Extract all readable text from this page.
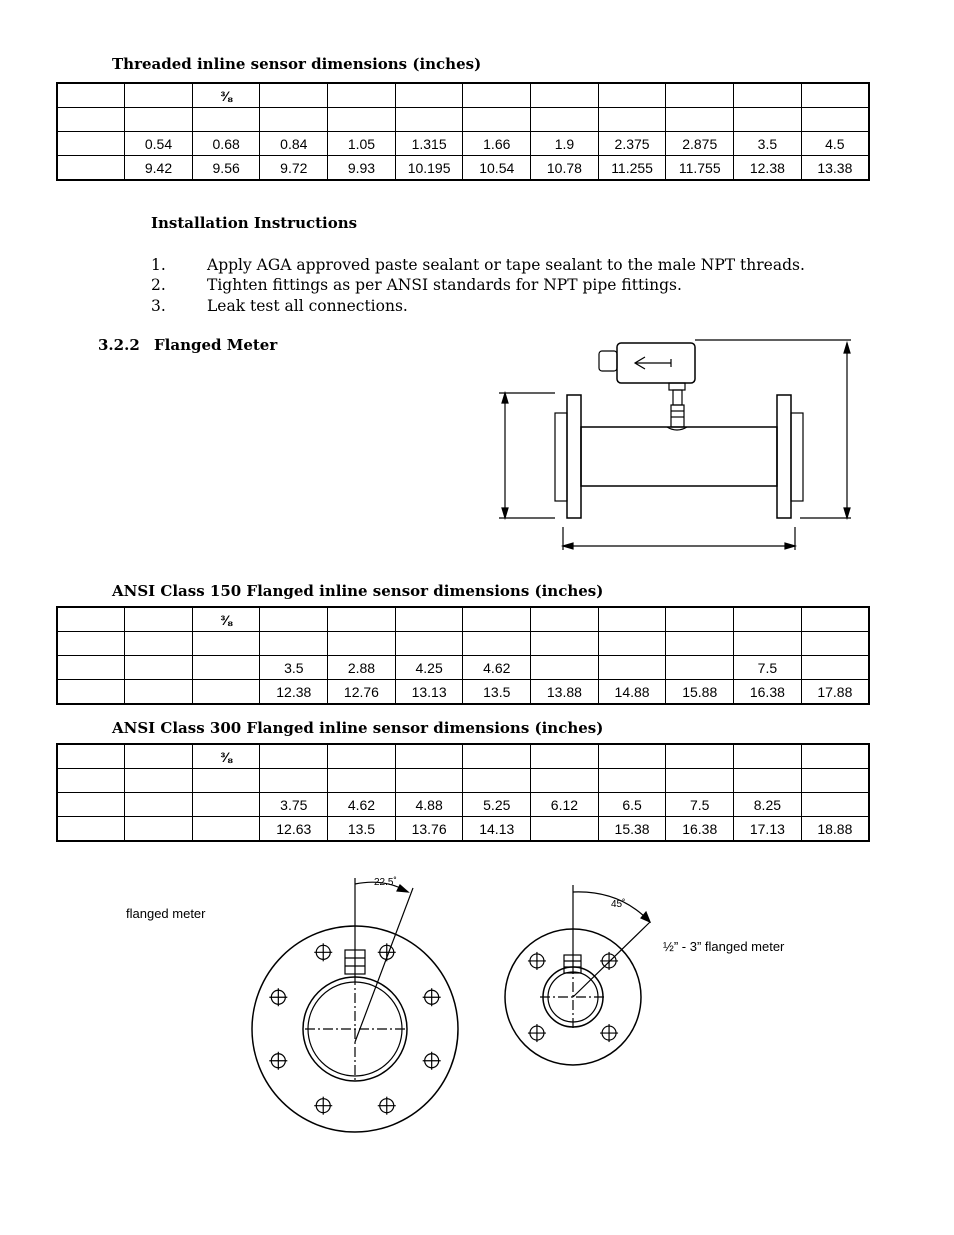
Threaded inline sensor dimensions (inches)
		⅜									

	0.54	0.68	0.84	1.05	1.315	1.66	1.9	2.375	2.875	3.5	4.5
	9.42	9.56	9.72	9.93	10.195	10.54	10.78	11.255	11.755	12.38	13.38
Installation Instructions
1.	Apply AGA approved paste sealant or tape sealant to the male NPT threads.
2.	Tighten fittings as per ANSI standards for NPT pipe fittings.
3.	Leak test all connections.
3.2.2 Flanged Meter
ANSI Class 150 Flanged inline sensor dimensions (inches)
		⅜									

			3.5	2.88	4.25	4.62				7.5	
			12.38	12.76	13.13	13.5	13.88	14.88	15.88	16.38	17.88
ANSI Class 300 Flanged inline sensor dimensions (inches)
		⅜									

			3.75	4.62	4.88	5.25	6.12	6.5	7.5	8.25	
			12.63	13.5	13.76	14.13		15.38	16.38	17.13	18.88
flanged meter
½” - 3” flanged meter
22.5˚
45˚
